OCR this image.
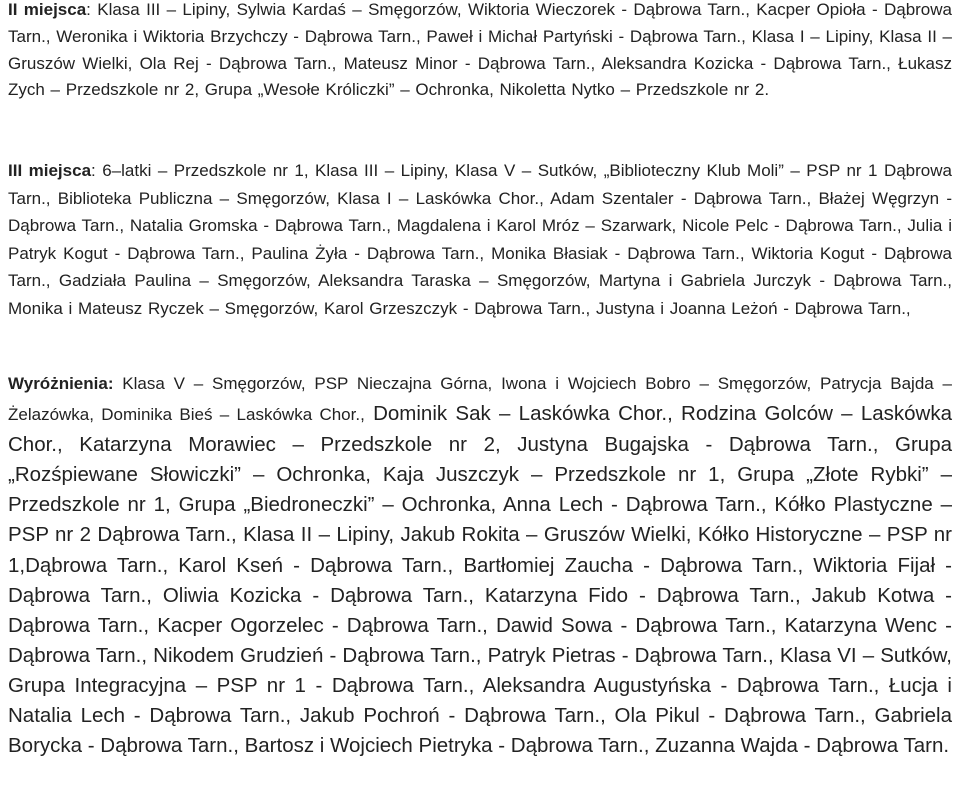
II miejsca: Klasa III – Lipiny, Sylwia Kardaś – Smęgorzów, Wiktoria Wieczorek - Dąbrowa Tarn., Kacper Opioła - Dąbrowa Tarn., Weronika i Wiktoria Brzychczy - Dąbrowa Tarn., Paweł i Michał Partyński - Dąbrowa Tarn., Klasa I – Lipiny, Klasa II – Gruszów Wielki, Ola Rej - Dąbrowa Tarn., Mateusz Minor - Dąbrowa Tarn., Aleksandra Kozicka - Dąbrowa Tarn., Łukasz Zych – Przedszkole nr 2, Grupa „Wesołe Króliczki” – Ochronka, Nikoletta Nytko – Przedszkole nr 2.

III miejsca: 6–latki – Przedszkole nr 1, Klasa III – Lipiny, Klasa V – Sutków, „Biblioteczny Klub Moli” – PSP nr 1 Dąbrowa Tarn., Biblioteka Publiczna – Smęgorzów, Klasa I – Laskówka Chor., Adam Szentaler - Dąbrowa Tarn., Błażej Węgrzyn - Dąbrowa Tarn., Natalia Gromska - Dąbrowa Tarn., Magdalena i Karol Mróz – Szarwark, Nicole Pelc - Dąbrowa Tarn., Julia i Patryk Kogut - Dąbrowa Tarn., Paulina Żyła - Dąbrowa Tarn., Monika Błasiak - Dąbrowa Tarn., Wiktoria Kogut - Dąbrowa Tarn., Gadziała Paulina – Smęgorzów, Aleksandra Taraska – Smęgorzów, Martyna i Gabriela Jurczyk - Dąbrowa Tarn., Monika i Mateusz Ryczek – Smęgorzów, Karol Grzeszczyk - Dąbrowa Tarn., Justyna i Joanna Leżoń - Dąbrowa Tarn.,

Wyróżnienia: Klasa V – Smęgorzów, PSP Nieczajna Górna, Iwona i Wojciech Bobro – Smęgorzów, Patrycja Bajda – Żelazówka, Dominika Bieś – Laskówka Chor., Dominik Sak – Laskówka Chor., Rodzina Golców – Laskówka Chor., Katarzyna Morawiec – Przedszkole nr 2, Justyna Bugajska - Dąbrowa Tarn., Grupa „Rozśpiewane Słowiczki” – Ochronka, Kaja Juszczyk – Przedszkole nr 1, Grupa „Złote Rybki” – Przedszkole nr 1, Grupa „Biedroneczki” – Ochronka, Anna Lech - Dąbrowa Tarn., Kółko Plastyczne – PSP nr 2 Dąbrowa Tarn., Klasa II – Lipiny, Jakub Rokita – Gruszów Wielki, Kółko Historyczne – PSP nr 1,Dąbrowa Tarn., Karol Kseń - Dąbrowa Tarn., Bartłomiej Zaucha - Dąbrowa Tarn., Wiktoria Fijał - Dąbrowa Tarn., Oliwia Kozicka - Dąbrowa Tarn., Katarzyna Fido - Dąbrowa Tarn., Jakub Kotwa - Dąbrowa Tarn., Kacper Ogorzelec - Dąbrowa Tarn., Dawid Sowa - Dąbrowa Tarn., Katarzyna Wenc - Dąbrowa Tarn., Nikodem Grudzień - Dąbrowa Tarn., Patryk Pietras - Dąbrowa Tarn., Klasa VI – Sutków, Grupa Integracyjna – PSP nr 1 - Dąbrowa Tarn., Aleksandra Augustyńska - Dąbrowa Tarn., Łucja i Natalia Lech - Dąbrowa Tarn., Jakub Pochroń - Dąbrowa Tarn., Ola Pikul - Dąbrowa Tarn., Gabriela Borycka - Dąbrowa Tarn., Bartosz i Wojciech Pietryka - Dąbrowa Tarn., Zuzanna Wajda - Dąbrowa Tarn.
